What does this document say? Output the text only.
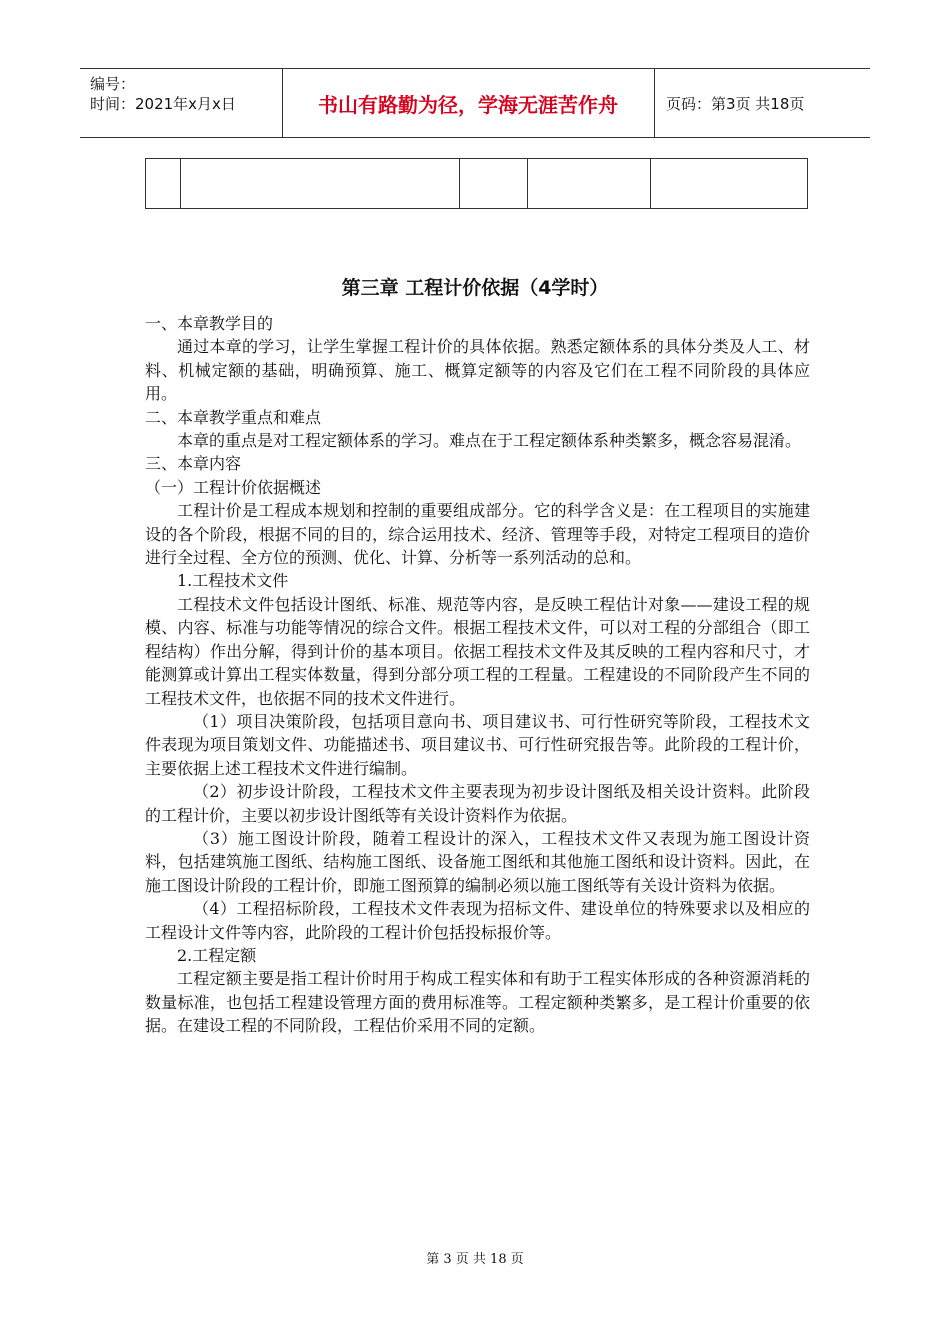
编号：
时间：2021年x月x日	书山有路勤为径，学海无涯苦作舟	页码：第3页 共18页

第三章 工程计价依据（4学时）

一、本章教学目的

通过本章的学习，让学生掌握工程计价的具体依据。熟悉定额体系的具体分类及人工、材料、机械定额的基础，明确预算、施工、概算定额等的内容及它们在工程不同阶段的具体应用。

二、本章教学重点和难点

本章的重点是对工程定额体系的学习。难点在于工程定额体系种类繁多，概念容易混淆。

三、本章内容

（一）工程计价依据概述

工程计价是工程成本规划和控制的重要组成部分。它的科学含义是：在工程项目的实施建设的各个阶段，根据不同的目的，综合运用技术、经济、管理等手段，对特定工程项目的造价进行全过程、全方位的预测、优化、计算、分析等一系列活动的总和。

1.工程技术文件

工程技术文件包括设计图纸、标准、规范等内容，是反映工程估计对象——建设工程的规模、内容、标准与功能等情况的综合文件。根据工程技术文件，可以对工程的分部组合（即工程结构）作出分解，得到计价的基本项目。依据工程技术文件及其反映的工程内容和尺寸，才能测算或计算出工程实体数量，得到分部分项工程的工程量。工程建设的不同阶段产生不同的工程技术文件，也依据不同的技术文件进行。

（1）项目决策阶段，包括项目意向书、项目建议书、可行性研究等阶段，工程技术文件表现为项目策划文件、功能描述书、项目建议书、可行性研究报告等。此阶段的工程计价，主要依据上述工程技术文件进行编制。

（2）初步设计阶段，工程技术文件主要表现为初步设计图纸及相关设计资料。此阶段的工程计价，主要以初步设计图纸等有关设计资料作为依据。

（3）施工图设计阶段，随着工程设计的深入，工程技术文件又表现为施工图设计资料，包括建筑施工图纸、结构施工图纸、设备施工图纸和其他施工图纸和设计资料。因此，在施工图设计阶段的工程计价，即施工图预算的编制必须以施工图纸等有关设计资料为依据。

（4）工程招标阶段，工程技术文件表现为招标文件、建设单位的特殊要求以及相应的工程设计文件等内容，此阶段的工程计价包括投标报价等。

2.工程定额

工程定额主要是指工程计价时用于构成工程实体和有助于工程实体形成的各种资源消耗的数量标准，也包括工程建设管理方面的费用标准等。工程定额种类繁多，是工程计价重要的依据。在建设工程的不同阶段，工程估价采用不同的定额。

第 3 页 共 18 页
